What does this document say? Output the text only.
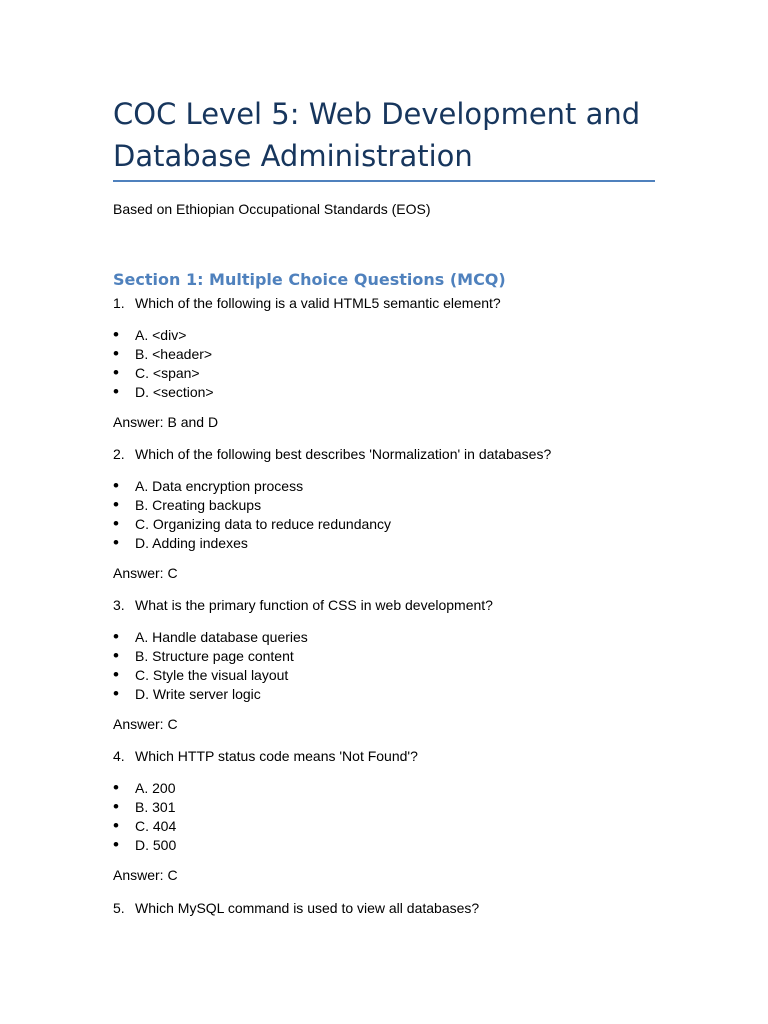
COC Level 5: Web Development and Database Administration
Based on Ethiopian Occupational Standards (EOS)
Section 1: Multiple Choice Questions (MCQ)
1. Which of the following is a valid HTML5 semantic element?
• A. <div>
• B. <header>
• C. <span>
• D. <section>
Answer: B and D
2. Which of the following best describes 'Normalization' in databases?
• A. Data encryption process
• B. Creating backups
• C. Organizing data to reduce redundancy
• D. Adding indexes
Answer: C
3. What is the primary function of CSS in web development?
• A. Handle database queries
• B. Structure page content
• C. Style the visual layout
• D. Write server logic
Answer: C
4. Which HTTP status code means 'Not Found'?
• A. 200
• B. 301
• C. 404
• D. 500
Answer: C
5. Which MySQL command is used to view all databases?
